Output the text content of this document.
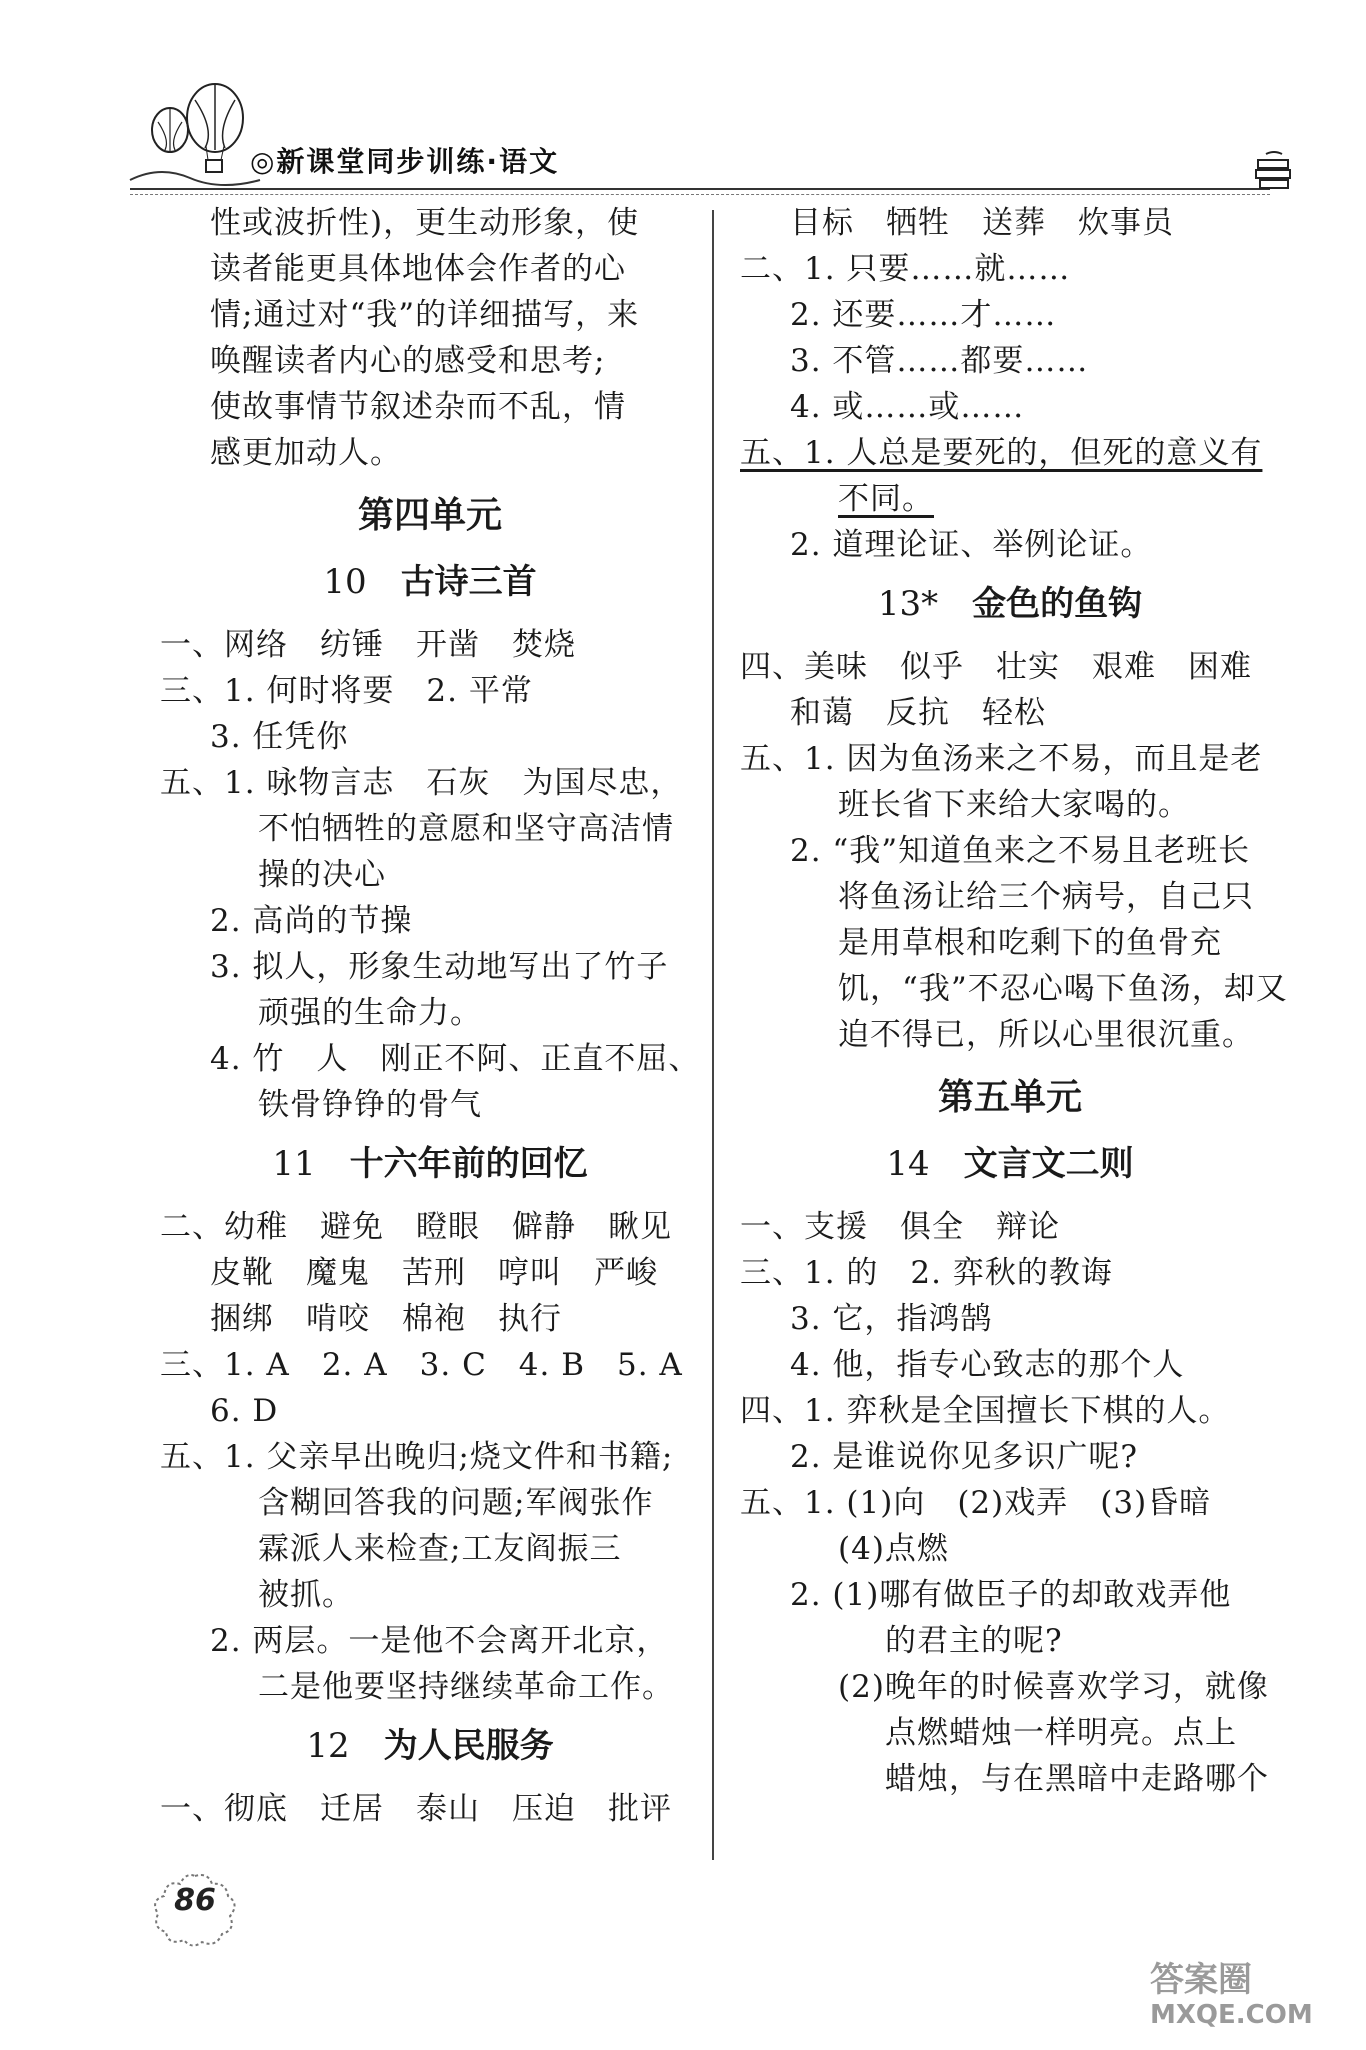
◎新课堂同步训练·语文
性或波折性)，更生动形象，使
读者能更具体地体会作者的心
情;通过对“我”的详细描写，来
唤醒读者内心的感受和思考;
使故事情节叙述杂而不乱，情
感更加动人。
第四单元
10 古诗三首
一、网络　纺锤　开凿　焚烧
三、1. 何时将要　2. 平常
3. 任凭你
五、1. 咏物言志　石灰　为国尽忠，
不怕牺牲的意愿和坚守高洁情
操的决心
2. 高尚的节操
3. 拟人，形象生动地写出了竹子
顽强的生命力。
4. 竹　人　刚正不阿、正直不屈、
铁骨铮铮的骨气
11 十六年前的回忆
二、幼稚　避免　瞪眼　僻静　瞅见
皮靴　魔鬼　苦刑　哼叫　严峻
捆绑　啃咬　棉袍　执行
三、1. A　2. A　3. C　4. B　5. A
6. D
五、1. 父亲早出晚归;烧文件和书籍;
含糊回答我的问题;军阀张作
霖派人来检查;工友阎振三
被抓。
2. 两层。一是他不会离开北京，
二是他要坚持继续革命工作。
12 为人民服务
一、彻底　迁居　泰山　压迫　批评
目标　牺牲　送葬　炊事员
二、1. 只要……就……
2. 还要……才……
3. 不管……都要……
4. 或……或……
五、1. 人总是要死的，但死的意义有
不同。
2. 道理论证、举例论证。
13* 金色的鱼钩
四、美味　似乎　壮实　艰难　困难
和蔼　反抗　轻松
五、1. 因为鱼汤来之不易，而且是老
班长省下来给大家喝的。
2. “我”知道鱼来之不易且老班长
将鱼汤让给三个病号，自己只
是用草根和吃剩下的鱼骨充
饥，“我”不忍心喝下鱼汤，却又
迫不得已，所以心里很沉重。
第五单元
14 文言文二则
一、支援　俱全　辩论
三、1. 的　2. 弈秋的教诲
3. 它，指鸿鹄
4. 他，指专心致志的那个人
四、1. 弈秋是全国擅长下棋的人。
2. 是谁说你见多识广呢?
五、1. (1)向　(2)戏弄　(3)昏暗
(4)点燃
2. (1)哪有做臣子的却敢戏弄他
的君主的呢?
(2)晚年的时候喜欢学习，就像
点燃蜡烛一样明亮。点上
蜡烛，与在黑暗中走路哪个
86
答案圈
MXQE.COM
